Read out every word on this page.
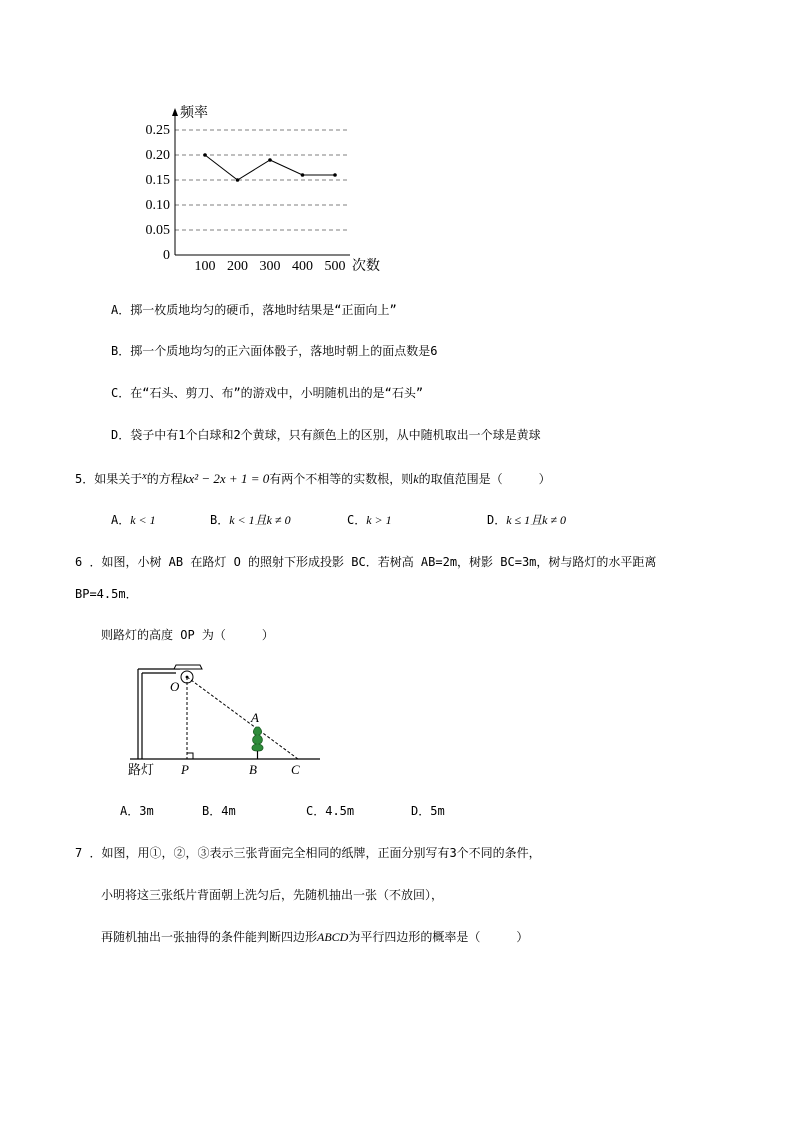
频率
次数
0.25
0.20
0.15
0.10
0.05
0
100 200 300 400 500
A．掷一枚质地均匀的硬币，落地时结果是“正面向上”
B．掷一个质地均匀的正六面体骰子，落地时朝上的面点数是6
C．在“石头、剪刀、布”的游戏中，小明随机出的是“石头”
D．袋子中有1个白球和2个黄球，只有颜色上的区别，从中随机取出一个球是黄球
5．如果关于$^x$的方程kx² − 2x + 1 = 0有两个不相等的实数根，则k的取值范围是（　　　）
A．k < 1	B．k < 1且k ≠ 0	C．k > 1	D．k ≤ 1且k ≠ 0
6 ．如图，小树 AB 在路灯 O 的照射下形成投影 BC．若树高 AB=2m，树影 BC=3m，树与路灯的水平距离
BP=4.5m．
则路灯的高度 OP 为（　　　）
O
A
路灯 P	B	C
A．3m	B．4m	C．4.5m	D．5m
7 ．如图，用①，②，③表示三张背面完全相同的纸牌，正面分别写有3个不同的条件，
小明将这三张纸片背面朝上洗匀后，先随机抽出一张（不放回），
再随机抽出一张抽得的条件能判断四边形ABCD为平行四边形的概率是（　　　）
